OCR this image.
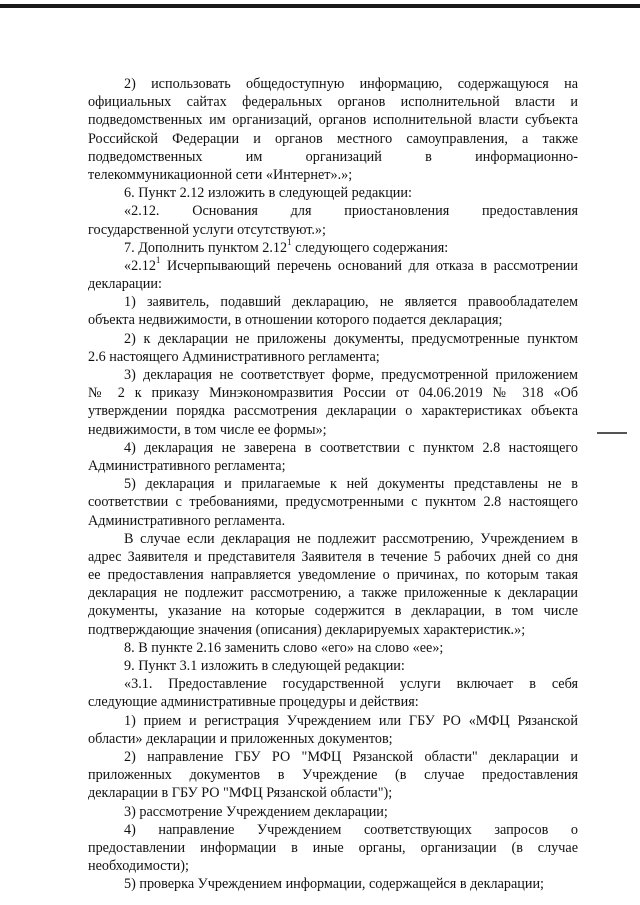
2) использовать общедоступную информацию, содержащуюся на
официальных сайтах федеральных органов исполнительной власти и
подведомственных им организаций, органов исполнительной власти субъекта
Российской Федерации и органов местного самоуправления, а также
подведомственных им организаций в информационно-
телекоммуникационной сети «Интернет».»;
6. Пункт 2.12 изложить в следующей редакции:
«2.12. Основания для приостановления предоставления
государственной услуги отсутствуют.»;
7. Дополнить пунктом 2.12$^1$ следующего содержания:
«2.12$^1$ Исчерпывающий перечень оснований для отказа в рассмотрении
декларации:
1) заявитель, подавший декларацию, не является правообладателем
объекта недвижимости, в отношении которого подается декларация;
2) к декларации не приложены документы, предусмотренные пунктом
2.6 настоящего Административного регламента;
3) декларация не соответствует форме, предусмотренной приложением
№ 2 к приказу Минэкономразвития России от 04.06.2019 № 318 «Об
утверждении порядка рассмотрения декларации о характеристиках объекта
недвижимости, в том числе ее формы»;
4) декларация не заверена в соответствии с пунктом 2.8 настоящего
Административного регламента;
5) декларация и прилагаемые к ней документы представлены не в
соответствии с требованиями, предусмотренными с пукнтом 2.8 настоящего
Административного регламента.
В случае если декларация не подлежит рассмотрению, Учреждением в
адрес Заявителя и представителя Заявителя в течение 5 рабочих дней со дня
ее предоставления направляется уведомление о причинах, по которым такая
декларация не подлежит рассмотрению, а также приложенные к декларации
документы, указание на которые содержится в декларации, в том числе
подтверждающие значения (описания) декларируемых характеристик.»;
8. В пункте 2.16 заменить слово «его» на слово «ее»;
9. Пункт 3.1 изложить в следующей редакции:
«3.1. Предоставление государственной услуги включает в себя
следующие административные процедуры и действия:
1) прием и регистрация Учреждением или ГБУ РО «МФЦ Рязанской
области» декларации и приложенных документов;
2) направление ГБУ РО "МФЦ Рязанской области" декларации и
приложенных документов в Учреждение (в случае предоставления
декларации в ГБУ РО "МФЦ Рязанской области");
3) рассмотрение Учреждением декларации;
4) направление Учреждением соответствующих запросов о
предоставлении информации в иные органы, организации (в случае
необходимости);
5) проверка Учреждением информации, содержащейся в декларации;
